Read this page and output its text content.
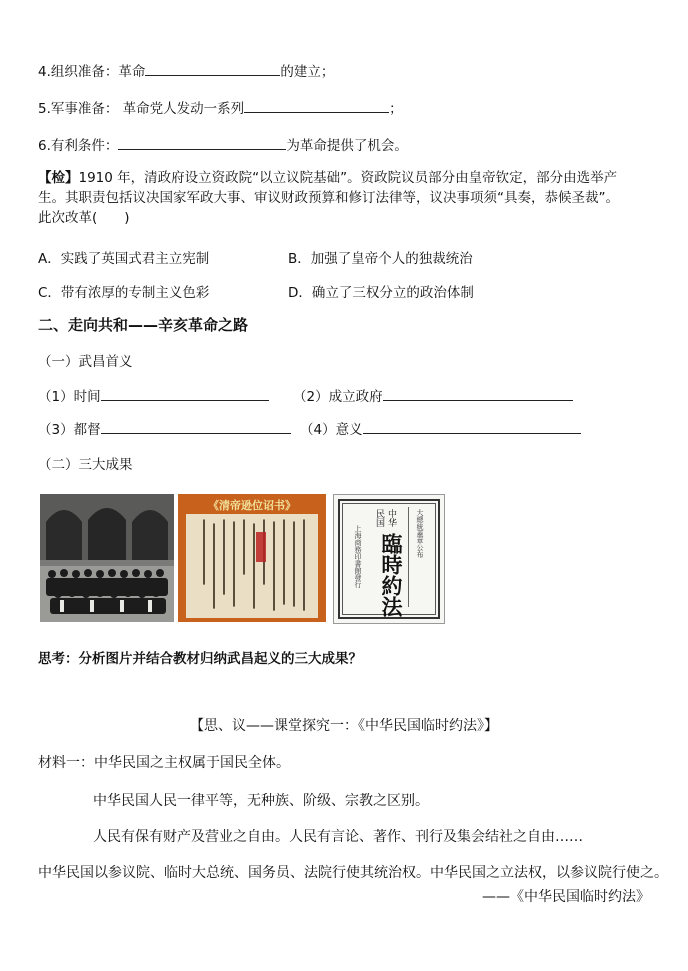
4.组织准备：革命	的建立；
5.军事准备： 革命党人发动一系列	；
6.有利条件：	为革命提供了机会。
【检】1910 年，清政府设立资政院“以立议院基础”。资政院议员部分由皇帝钦定，部分由选举产
生。其职责包括议决国家军政大事、审议财政预算和修订法律等，议决事项须“具奏，恭候圣裁”。
此次改革(　　)
A．实践了英国式君主立宪制	B．加强了皇帝个人的独裁统治
C．带有浓厚的专制主义色彩	D．确立了三权分立的政治体制
二、走向共和——辛亥革命之路
（一）武昌首义
（1）时间	（2）成立政府
（3）都督	（4）意义
（二）三大成果
《清帝逊位诏书》
中华
民国
臨時約法 大總統蓋章公布
上海商務印書館發行
思考：分析图片并结合教材归纳武昌起义的三大成果？
【思、议——课堂探究一：《中华民国临时约法》】
材料一：中华民国之主权属于国民全体。
中华民国人民一律平等，无种族、阶级、宗教之区别。
人民有保有财产及营业之自由。人民有言论、著作、刊行及集会结社之自由……
中华民国以参议院、临时大总统、国务员、法院行使其统治权。中华民国之立法权，以参议院行使之。
——《中华民国临时约法》
